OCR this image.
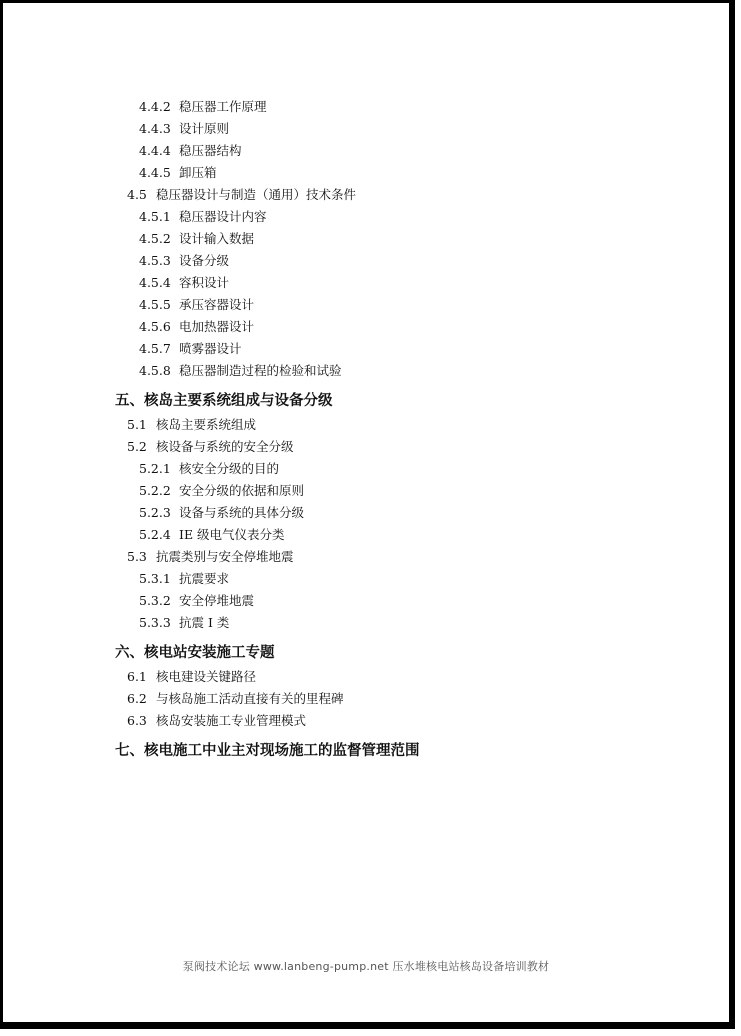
4.4.2 稳压器工作原理
4.4.3 设计原则
4.4.4 稳压器结构
4.4.5 卸压箱
4.5 稳压器设计与制造（通用）技术条件
4.5.1 稳压器设计内容
4.5.2 设计输入数据
4.5.3 设备分级
4.5.4 容积设计
4.5.5 承压容器设计
4.5.6 电加热器设计
4.5.7 喷雾器设计
4.5.8 稳压器制造过程的检验和试验
五、核岛主要系统组成与设备分级
5.1 核岛主要系统组成
5.2 核设备与系统的安全分级
5.2.1 核安全分级的目的
5.2.2 安全分级的依据和原则
5.2.3 设备与系统的具体分级
5.2.4 IE 级电气仪表分类
5.3 抗震类别与安全停堆地震
5.3.1 抗震要求
5.3.2 安全停堆地震
5.3.3 抗震 I 类
六、核电站安装施工专题
6.1 核电建设关键路径
6.2 与核岛施工活动直接有关的里程碑
6.3 核岛安装施工专业管理模式
七、核电施工中业主对现场施工的监督管理范围
泵阀技术论坛 www.lanbeng-pump.net 压水堆核电站核岛设备培训教材
